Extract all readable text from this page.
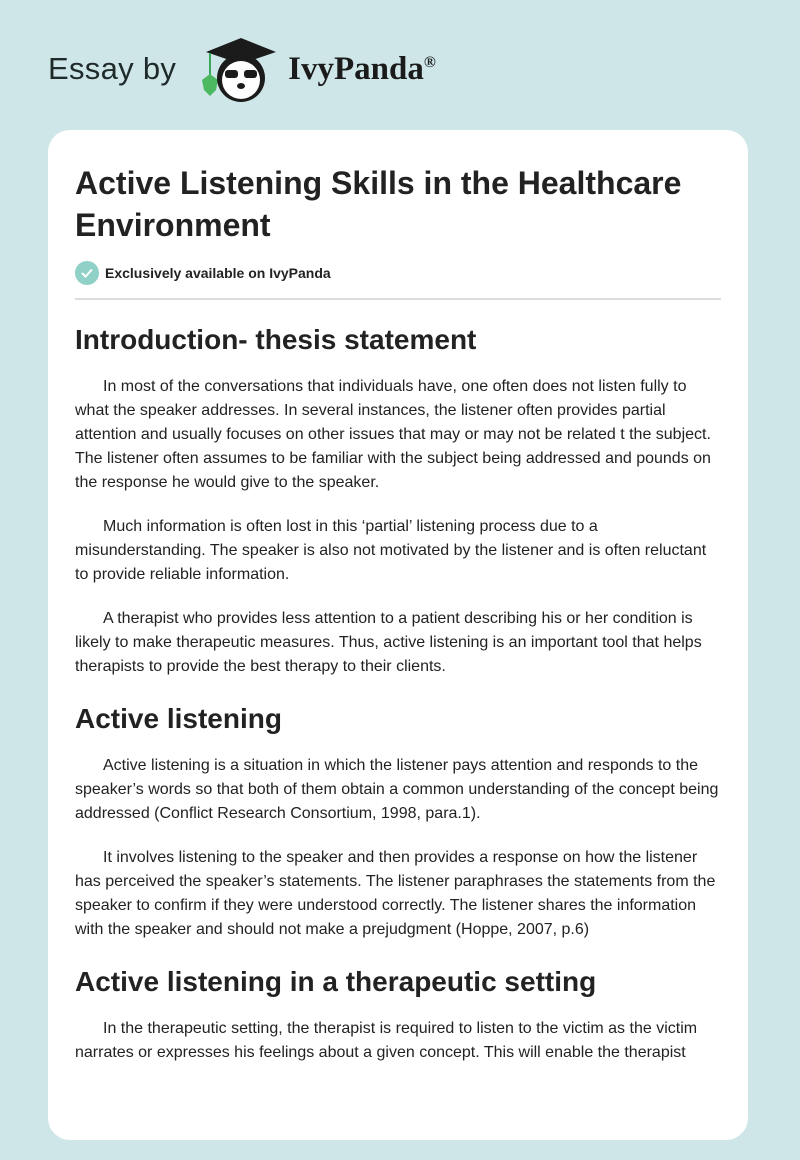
Essay by	IvyPanda®
Active Listening Skills in the Healthcare Environment
Exclusively available on IvyPanda
Introduction- thesis statement

In most of the conversations that individuals have, one often does not listen fully to what the speaker addresses. In several instances, the listener often provides partial attention and usually focuses on other issues that may or may not be related t the subject. The listener often assumes to be familiar with the subject being addressed and pounds on the response he would give to the speaker.

Much information is often lost in this ‘partial’ listening process due to a misunderstanding. The speaker is also not motivated by the listener and is often reluctant to provide reliable information.

A therapist who provides less attention to a patient describing his or her condition is likely to make therapeutic measures. Thus, active listening is an important tool that helps therapists to provide the best therapy to their clients.

Active listening

Active listening is a situation in which the listener pays attention and responds to the speaker’s words so that both of them obtain a common understanding of the concept being addressed (Conflict Research Consortium, 1998, para.1).

It involves listening to the speaker and then provides a response on how the listener has perceived the speaker’s statements. The listener paraphrases the statements from the speaker to confirm if they were understood correctly. The listener shares the information with the speaker and should not make a prejudgment (Hoppe, 2007, p.6)

Active listening in a therapeutic setting

In the therapeutic setting, the therapist is required to listen to the victim as the victim narrates or expresses his feelings about a given concept. This will enable the therapist
